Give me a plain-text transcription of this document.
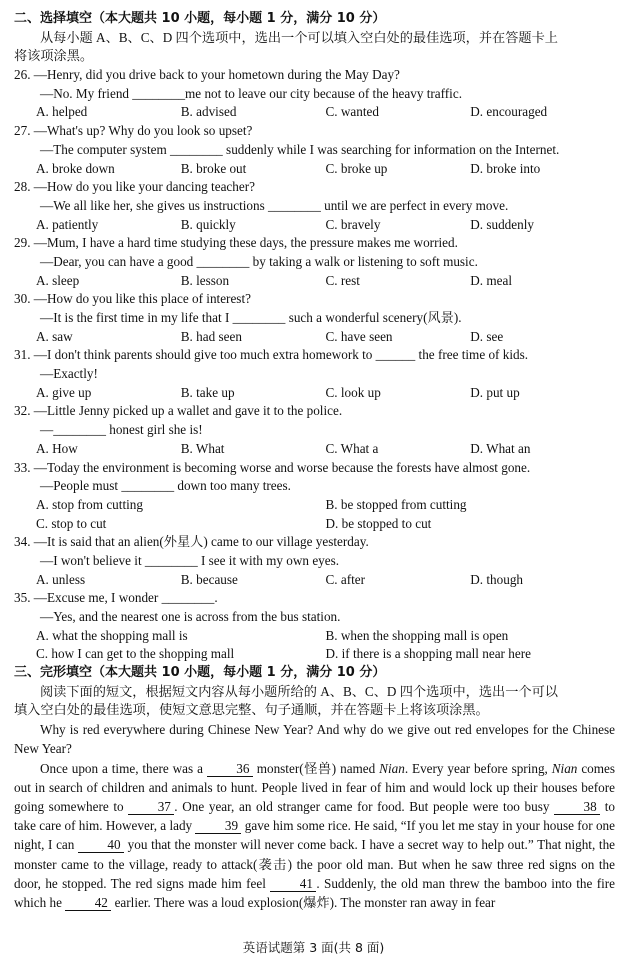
二、选择填空（本大题共 10 小题，每小题 1 分，满分 10 分）
从每小题 A、B、C、D 四个选项中，选出一个可以填入空白处的最佳选项，并在答题卡上
将该项涂黑。
26. —Henry, did you drive back to your hometown during the May Day?
—No. My friend ________me not to leave our city because of the heavy traffic.
A. helped	B. advised	C. wanted	D. encouraged
27. —What's up? Why do you look so upset?
—The computer system ________ suddenly while I was searching for information on the Internet.
A. broke down	B. broke out	C. broke up	D. broke into
28. —How do you like your dancing teacher?
—We all like her, she gives us instructions ________ until we are perfect in every move.
A. patiently	B. quickly	C. bravely	D. suddenly
29. —Mum, I have a hard time studying these days, the pressure makes me worried.
—Dear, you can have a good ________ by taking a walk or listening to soft music.
A. sleep	B. lesson	C. rest	D. meal
30. —How do you like this place of interest?
—It is the first time in my life that I ________ such a wonderful scenery(风景).
A. saw	B. had seen	C. have seen	D. see
31. —I don't think parents should give too much extra homework to ______ the free time of kids.
—Exactly!
A. give up	B. take up	C. look up	D. put up
32. —Little Jenny picked up a wallet and gave it to the police.
—________ honest girl she is!
A. How	B. What	C. What a	D. What an
33. —Today the environment is becoming worse and worse because the forests have almost gone.
—People must ________ down too many trees.
A. stop from cutting	B. be stopped from cutting
C. stop to cut	D. be stopped to cut
34. —It is said that an alien(外星人) came to our village yesterday.
—I won't believe it ________ I see it with my own eyes.
A. unless	B. because	C. after	D. though
35. —Excuse me, I wonder ________.
—Yes, and the nearest one is across from the bus station.
A. what the shopping mall is	B. when the shopping mall is open
C. how I can get to the shopping mall	D. if there is a shopping mall near here
三、完形填空（本大题共 10 小题，每小题 1 分，满分 10 分）
阅读下面的短文，根据短文内容从每小题所给的 A、B、C、D 四个选项中，选出一个可以
填入空白处的最佳选项，使短文意思完整、句子通顺，并在答题卡上将该项涂黑。

Why is red everywhere during Chinese New Year? And why do we give out red envelopes for the Chinese New Year?

Once upon a time, there was a	36 monster(怪兽) named Nian. Every year before spring, Nian comes out in search of children and animals to hunt. People lived in fear of him and would lock up their houses before going somewhere to	37 . One year, an old stranger came for food. But people were too busy	38 to take care of him. However, a lady 39 gave him some rice. He said, “If you let me stay in your house for one night, I can	40 you that the monster will never come back. I have a secret way to help out.” That night, the monster came to the village, ready to attack(袭击) the poor old man. But when he saw three red signs on the door, he stopped. The red signs made him feel	41 . Suddenly, the old man threw the bamboo into the fire which he 42 earlier. There was a loud explosion(爆炸). The monster ran away in fear

英语试题第 3 面(共 8 面)
